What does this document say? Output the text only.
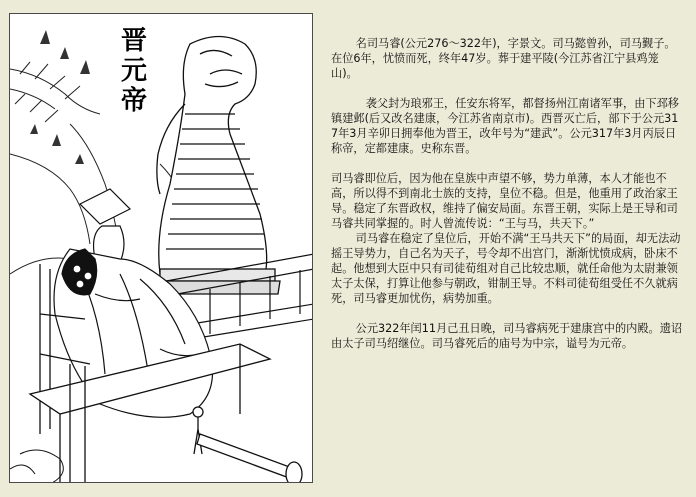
晋元帝

名司马睿(公元276～322年)，字景文。司马懿曾孙，司马觐子。在位6年，忧愤而死，终年47岁。葬于建平陵(今江苏省江宁县鸡笼山)。

袭父封为琅邪王，任安东将军，都督扬州江南诸军事，由下邳移镇建邺(后又改名建康，今江苏省南京市)。西晋灭亡后，部下于公元317年3月辛卯日拥奉他为晋王，改年号为“建武”。公元317年3月丙辰日称帝，定都建康。史称东晋。

司马睿即位后，因为他在皇族中声望不够，势力单薄，本人才能也不高，所以得不到南北士族的支持，皇位不稳。但是，他重用了政治家王导。稳定了东晋政权，维持了偏安局面。东晋王朝，实际上是王导和司马睿共同掌握的。时人曾流传说：“王与马，共天下。”

司马睿在稳定了皇位后，开始不满“王马共天下”的局面，却无法动摇王导势力，自己名为天子，号令却不出宫门，渐渐忧愤成病，卧床不起。他想到大臣中只有司徒荀组对自己比较忠顺，就任命他为太尉兼领太子太保，打算让他参与朝政，钳制王导。不料司徒荀组受任不久就病死，司马睿更加忧伤，病势加重。

公元322年闰11月己丑日晚，司马睿病死于建康宫中的内殿。遗诏由太子司马绍继位。司马睿死后的庙号为中宗，谥号为元帝。
